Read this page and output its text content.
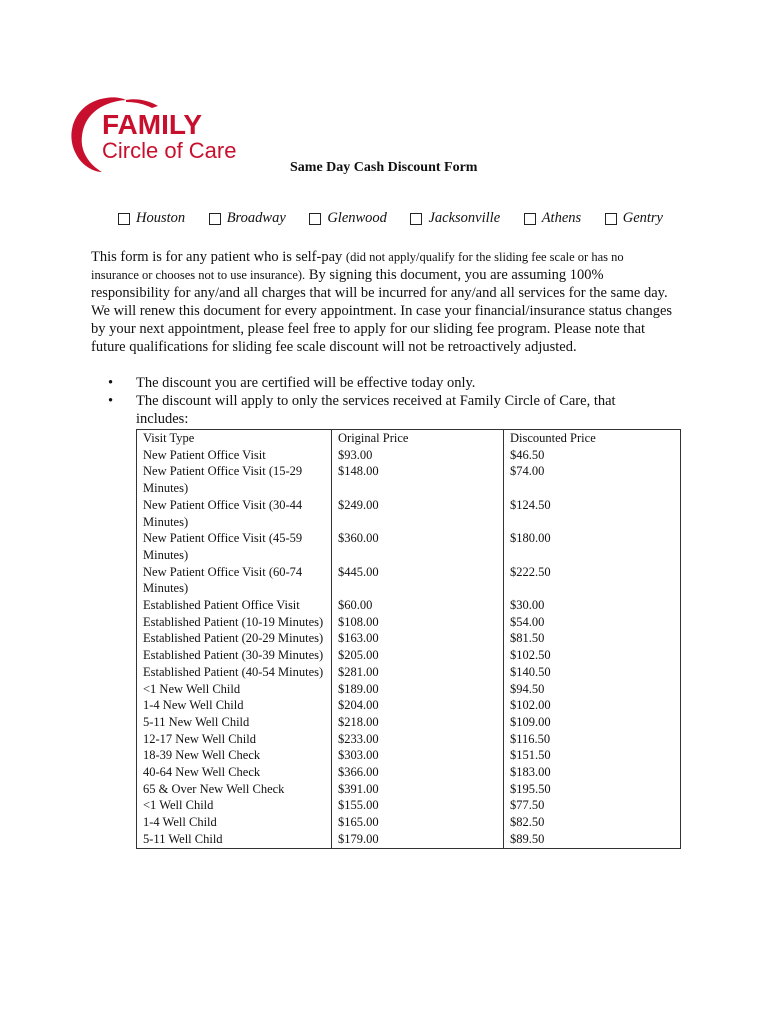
FAMILY
Circle of Care
Same Day Cash Discount Form
Houston	Broadway	Glenwood	Jacksonville	Athens	Gentry
This form is for any patient who is self-pay (did not apply/qualify for the sliding fee scale or has no insurance or chooses not to use insurance). By signing this document, you are assuming 100% responsibility for any/and all charges that will be incurred for any/and all services for the same day. We will renew this document for every appointment. In case your financial/insurance status changes by your next appointment, please feel free to apply for our sliding fee program. Please note that future qualifications for sliding fee scale discount will not be retroactively adjusted.
•	The discount you are certified will be effective today only.
•	The discount will apply to only the services received at Family Circle of Care, that includes:
Visit Type	Original Price	Discounted Price
New Patient Office Visit	$93.00	$46.50
New Patient Office Visit (15-29 Minutes)	$148.00	$74.00
New Patient Office Visit (30-44 Minutes)	$249.00	$124.50
New Patient Office Visit (45-59 Minutes)	$360.00	$180.00
New Patient Office Visit (60-74 Minutes)	$445.00	$222.50
Established Patient Office Visit	$60.00	$30.00
Established Patient (10-19 Minutes)	$108.00	$54.00
Established Patient (20-29 Minutes)	$163.00	$81.50
Established Patient (30-39 Minutes)	$205.00	$102.50
Established Patient (40-54 Minutes)	$281.00	$140.50
<1 New Well Child	$189.00	$94.50
1-4 New Well Child	$204.00	$102.00
5-11 New Well Child	$218.00	$109.00
12-17 New Well Child	$233.00	$116.50
18-39 New Well Check	$303.00	$151.50
40-64 New Well Check	$366.00	$183.00
65 & Over New Well Check	$391.00	$195.50
<1 Well Child	$155.00	$77.50
1-4 Well Child	$165.00	$82.50
5-11 Well Child	$179.00	$89.50
